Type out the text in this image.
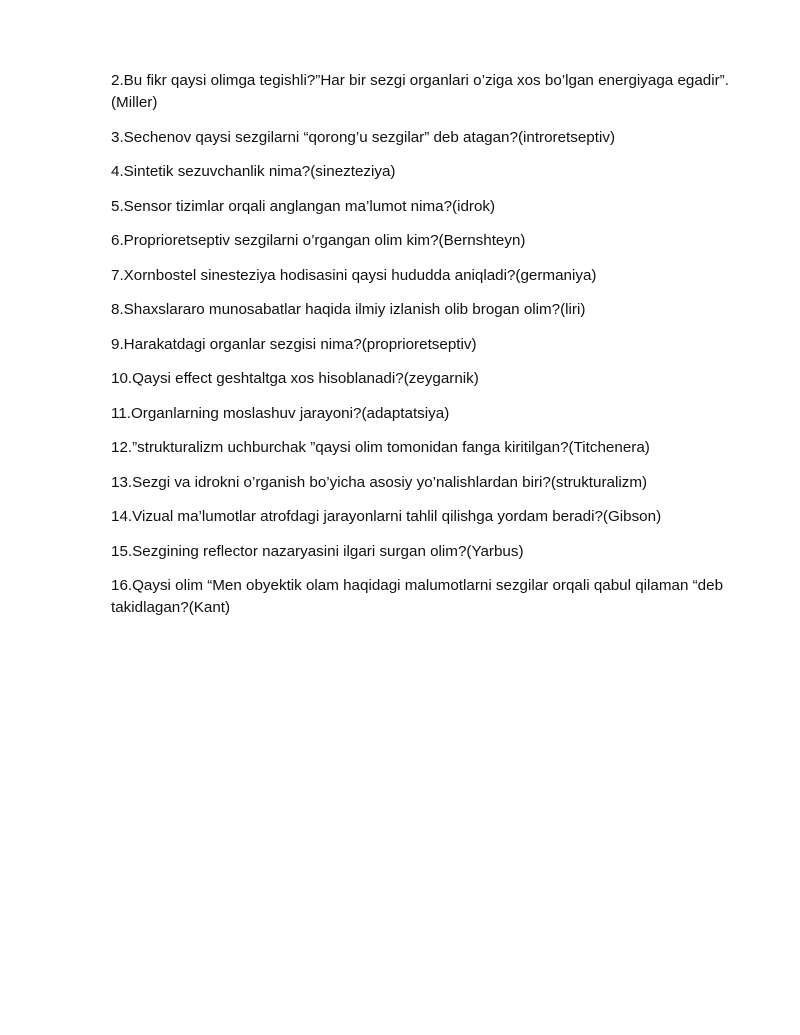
2.Bu fikr qaysi olimga tegishli?”Har bir sezgi organlari o’ziga xos bo’lgan energiyaga egadir”.(Miller)

3.Sechenov qaysi sezgilarni “qorong’u sezgilar” deb atagan?(introretseptiv)

4.Sintetik sezuvchanlik nima?(sinezteziya)

5.Sensor tizimlar orqali anglangan ma’lumot nima?(idrok)

6.Proprioretseptiv sezgilarni o’rgangan olim kim?(Bernshteyn)

7.Xornbostel sinesteziya hodisasini qaysi hududda aniqladi?(germaniya)

8.Shaxslararo munosabatlar haqida ilmiy izlanish olib brogan olim?(liri)

9.Harakatdagi organlar sezgisi nima?(proprioretseptiv)

10.Qaysi effect geshtaltga xos hisoblanadi?(zeygarnik)

11.Organlarning moslashuv jarayoni?(adaptatsiya)

12.”strukturalizm uchburchak ”qaysi olim tomonidan fanga kiritilgan?(Titchenera)

13.Sezgi va idrokni o’rganish bo’yicha asosiy yo’nalishlardan biri?(strukturalizm)

14.Vizual ma’lumotlar atrofdagi jarayonlarni tahlil qilishga yordam beradi?(Gibson)

15.Sezgining reflector nazaryasini ilgari surgan olim?(Yarbus)

16.Qaysi olim “Men obyektik olam haqidagi malumotlarni sezgilar orqali qabul qilaman “deb takidlagan?(Kant)
